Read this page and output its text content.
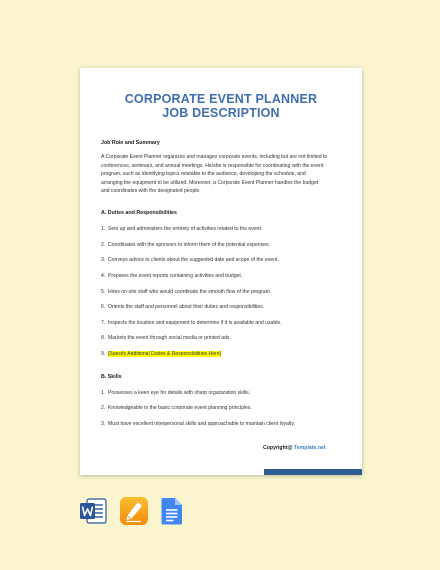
CORPORATE EVENT PLANNER
JOB DESCRIPTION
Job Role and Summary
A Corporate Event Planner organizes and manages corporate events, including but are not limited to
conferences, seminars, and annual meetings. He/she is responsible for coordinating with the event
program, such as identifying topics relatable to the audience, developing the schedule, and
arranging the equipment to be utilized. Moreover, a Corporate Event Planner handles the budget
and coordinates with the designated people.
A. Duties and Responsibilities
1. Sets up and administers the entirety of activities related to the event.
2. Coordinates with the sponsors to inform them of the potential expenses.
3. Conveys advice to clients about the suggested date and scope of the event.
4. Prepares the event reports containing activities and budget.
5. Hires on-site staff who would coordinate the smooth flow of the program.
6. Orients the staff and personnel about their duties and responsibilities.
7. Inspects the location and equipment to determine if it is available and usable.
8. Markets the event through social media or printed ads.
9. [Specify Additional Duties & Responsibilities Here]
B. Skills
1. Possesses a keen eye for details with sharp organization skills.
2. Knowledgeable in the basic corporate event planning principles.
3. Must have excellent interpersonal skills and approachable to maintain client loyalty.
Copyright@ Template.net
